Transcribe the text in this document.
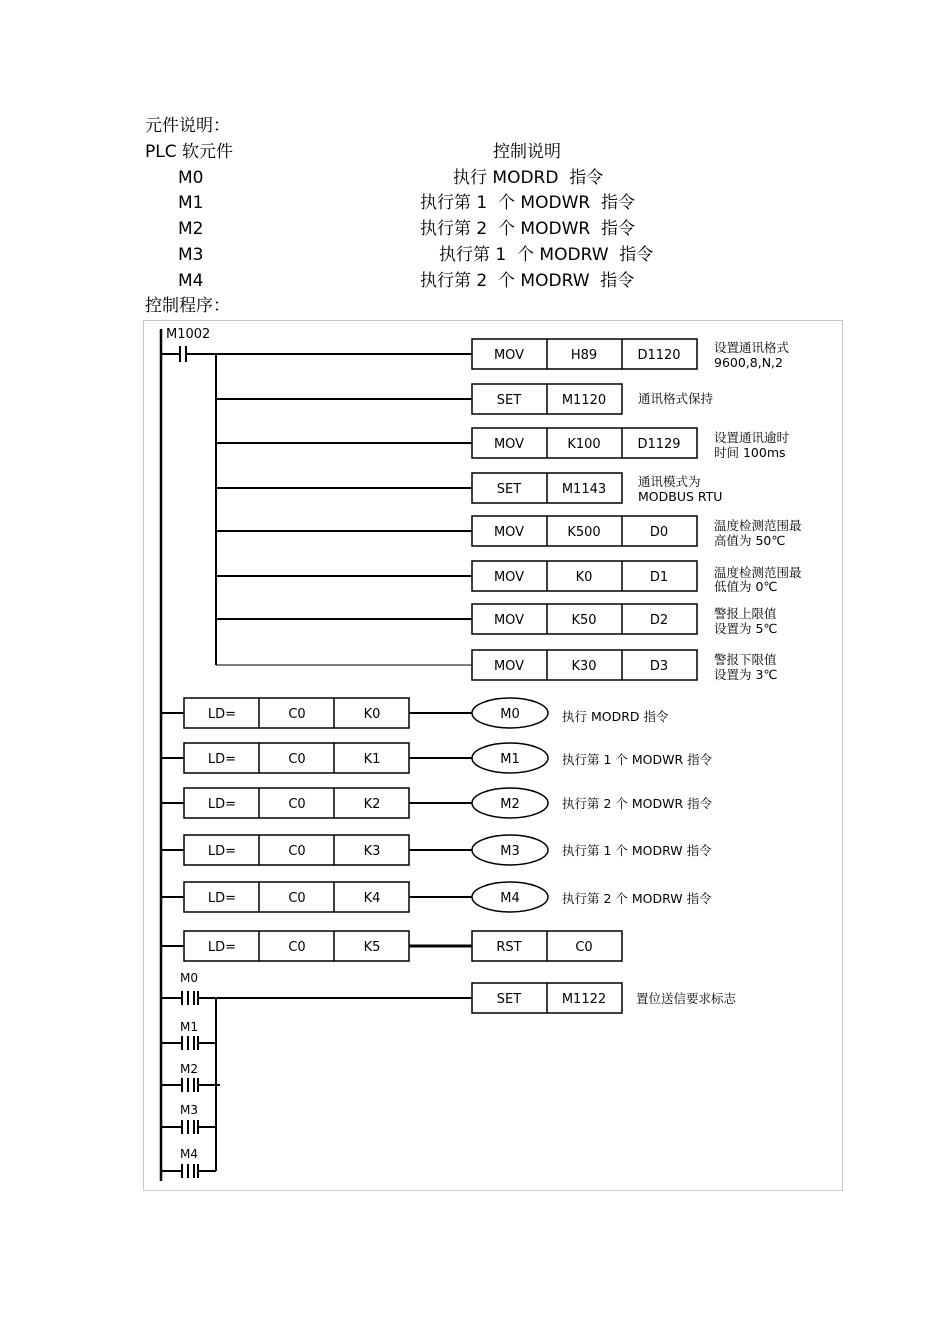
元件说明：
PLC 软元件	控制说明
M0	执行 MODRD  指令
M1	执行第 1  个 MODWR  指令
M2	执行第 2  个 MODWR  指令
M3	执行第 1  个 MODRW  指令
M4	执行第 2  个 MODRW  指令
控制程序：
M1002
MOV	H89	D1120
SET	M1120
MOV	K100	D1129
SET	M1143
MOV	K500	D0
MOV	K0	D1
MOV	K50	D2
MOV	K30	D3
LD=	C0	K0	M0
LD=	C0	K1	M1
LD=	C0	K2	M2
LD=	C0	K3	M3
LD=	C0	K4	M4
LD=	C0	K5	RST	C0
SET	M1122
M0
M1
M2
M3
M4
设置通讯格式
9600,8,N,2
通讯格式保持
设置通讯逾时
时间 100ms
通讯模式为
MODBUS RTU
温度检测范围最
高值为 50℃
温度检测范围最
低值为 0℃
警报上限值
设置为 5℃
警报下限值
设置为 3℃
执行 MODRD 指令
执行第 1 个 MODWR 指令
执行第 2 个 MODWR 指令
执行第 1 个 MODRW 指令
执行第 2 个 MODRW 指令
置位送信要求标志
